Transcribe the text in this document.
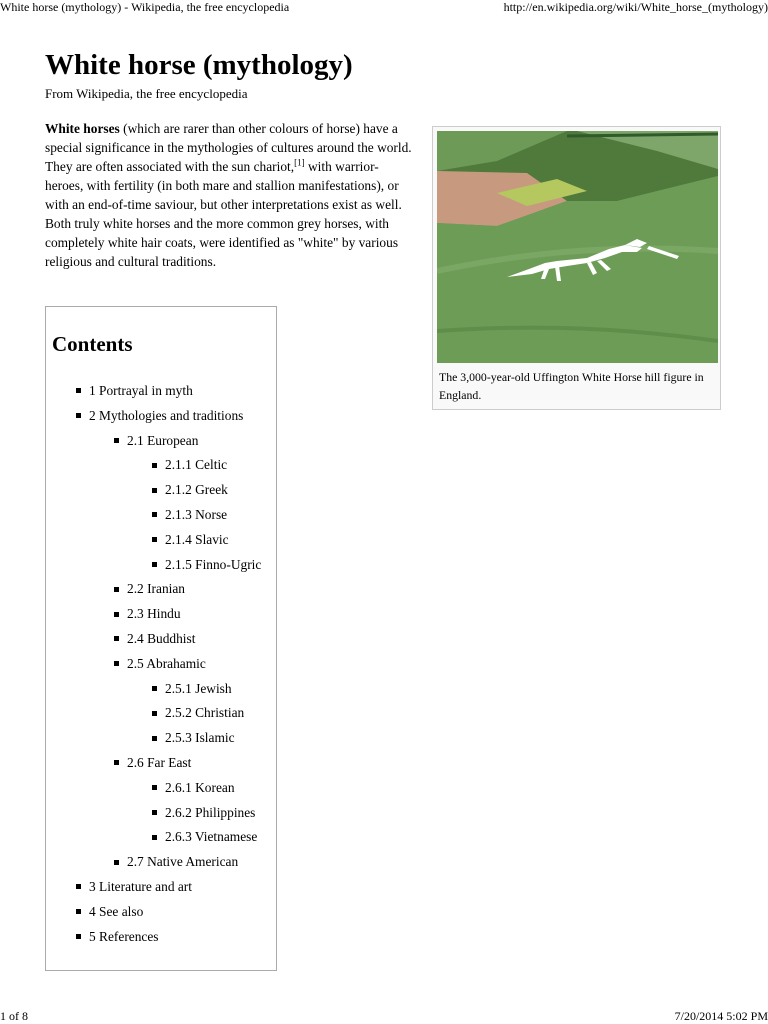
White horse (mythology) - Wikipedia, the free encyclopedia	http://en.wikipedia.org/wiki/White_horse_(mythology)
White horse (mythology)
From Wikipedia, the free encyclopedia

White horses (which are rarer than other colours of horse) have a special significance in the mythologies of cultures around the world. They are often associated with the sun chariot,[1] with warrior-heroes, with fertility (in both mare and stallion manifestations), or with an end-of-time saviour, but other interpretations exist as well. Both truly white horses and the more common grey horses, with completely white hair coats, were identified as "white" by various religious and cultural traditions.

The 3,000-year-old Uffington White Horse hill figure in England.
Contents
1 Portrayal in myth
2 Mythologies and traditions
2.1 European
2.1.1 Celtic
2.1.2 Greek
2.1.3 Norse
2.1.4 Slavic
2.1.5 Finno-Ugric
2.2 Iranian
2.3 Hindu
2.4 Buddhist
2.5 Abrahamic
2.5.1 Jewish
2.5.2 Christian
2.5.3 Islamic
2.6 Far East
2.6.1 Korean
2.6.2 Philippines
2.6.3 Vietnamese
2.7 Native American
3 Literature and art
4 See also
5 References
1 of 8	7/20/2014 5:02 PM
